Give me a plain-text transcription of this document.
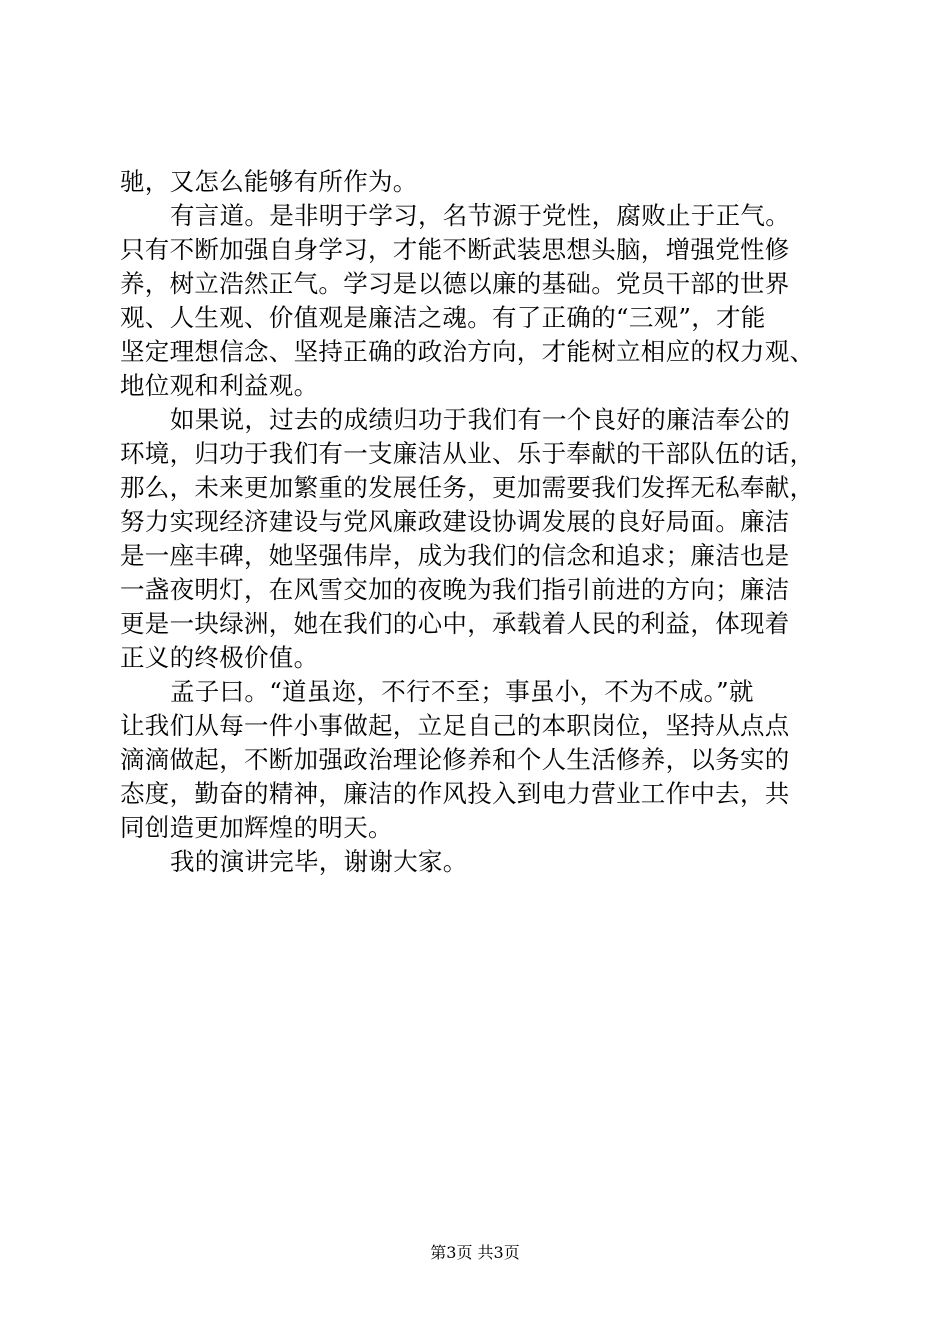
驰，又怎么能够有所作为。
有言道。是非明于学习，名节源于党性，腐败止于正气。
只有不断加强自身学习，才能不断武装思想头脑，增强党性修
养，树立浩然正气。学习是以德以廉的基础。党员干部的世界
观、人生观、价值观是廉洁之魂。有了正确的“三观”，才能
坚定理想信念、坚持正确的政治方向，才能树立相应的权力观、
地位观和利益观。
如果说，过去的成绩归功于我们有一个良好的廉洁奉公的
环境，归功于我们有一支廉洁从业、乐于奉献的干部队伍的话，
那么，未来更加繁重的发展任务，更加需要我们发挥无私奉献，
努力实现经济建设与党风廉政建设协调发展的良好局面。廉洁
是一座丰碑，她坚强伟岸，成为我们的信念和追求；廉洁也是
一盏夜明灯，在风雪交加的夜晚为我们指引前进的方向；廉洁
更是一块绿洲，她在我们的心中，承载着人民的利益，体现着
正义的终极价值。
孟子曰。“道虽迩，不行不至；事虽小，不为不成。”就
让我们从每一件小事做起，立足自己的本职岗位，坚持从点点
滴滴做起，不断加强政治理论修养和个人生活修养，以务实的
态度，勤奋的精神，廉洁的作风投入到电力营业工作中去，共
同创造更加辉煌的明天。
我的演讲完毕，谢谢大家。
第3页 共3页
